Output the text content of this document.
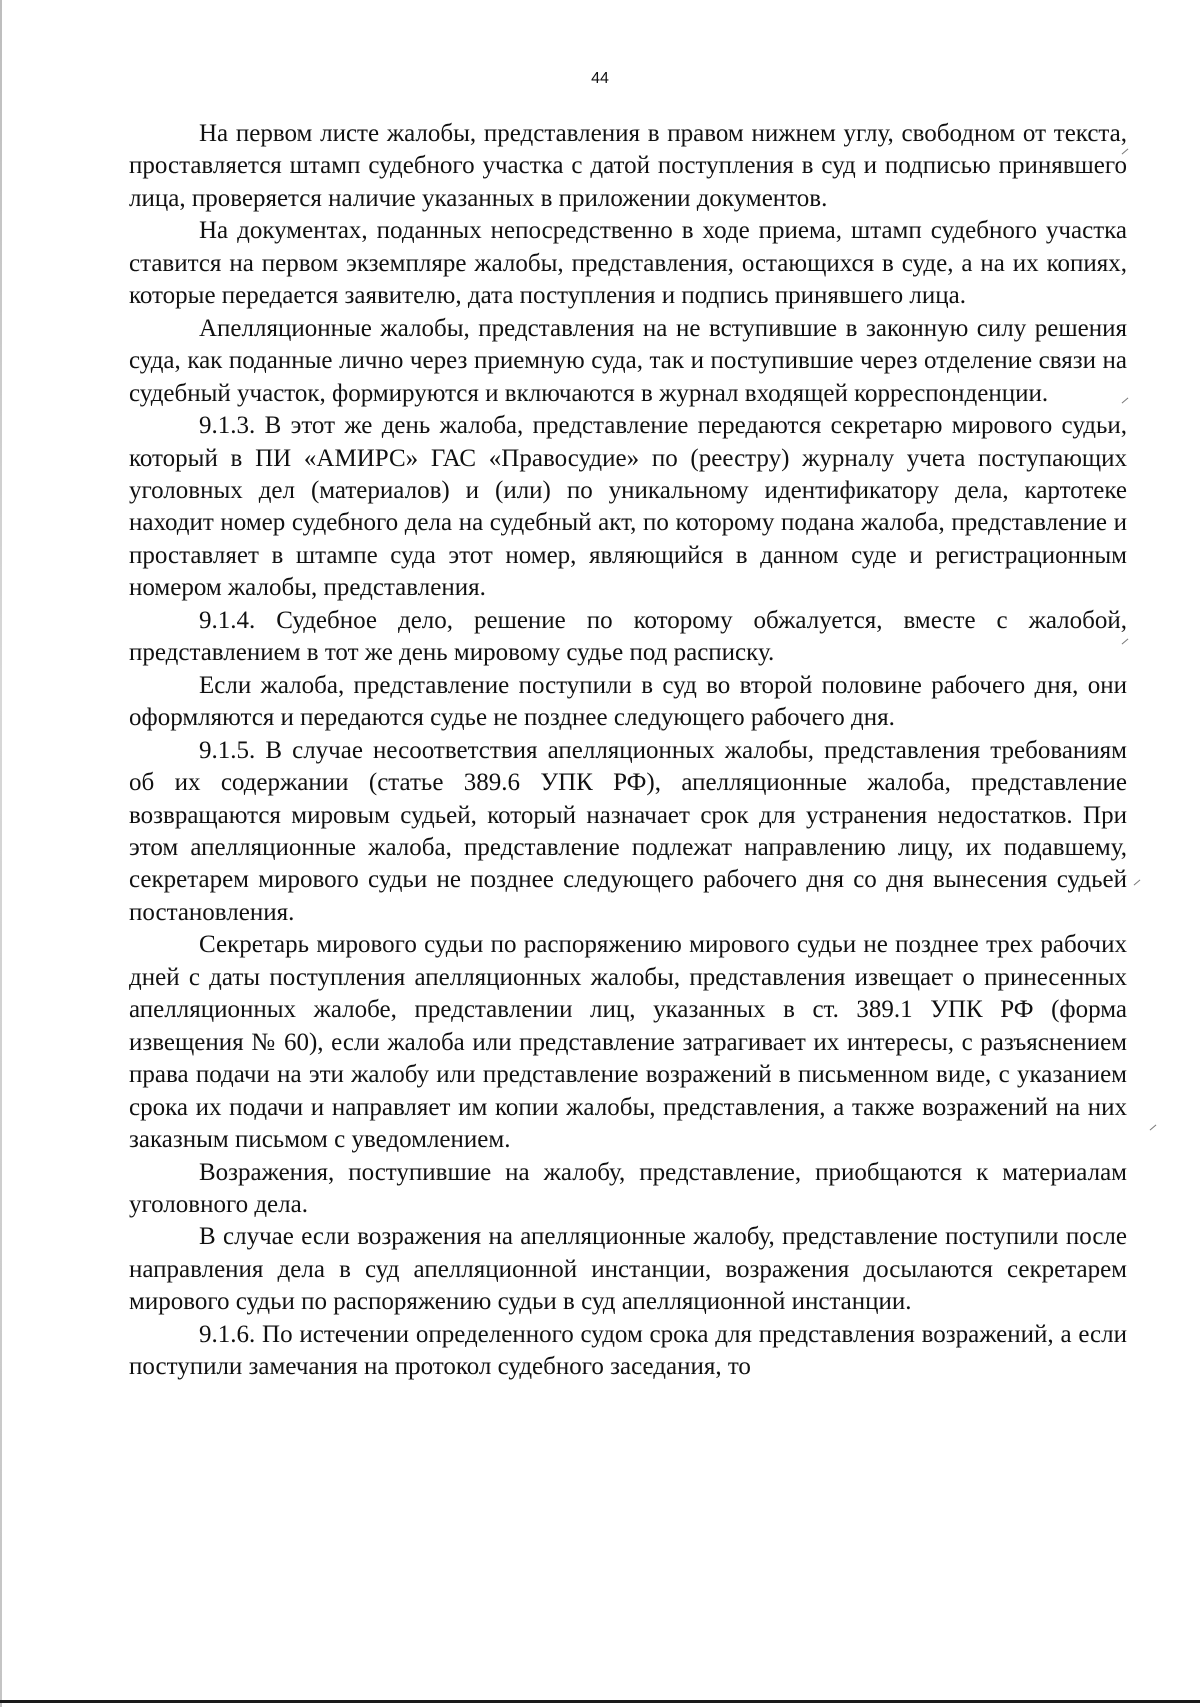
44

На первом листе жалобы, представления в правом нижнем углу, свободном от текста, проставляется штамп судебного участка с датой поступления в суд и подписью принявшего лица, проверяется наличие указанных в приложении документов.

На документах, поданных непосредственно в ходе приема, штамп судебного участка ставится на первом экземпляре жалобы, представления, остающихся в суде, а на их копиях, которые передается заявителю, дата поступления и подпись принявшего лица.

Апелляционные жалобы, представления на не вступившие в законную силу решения суда, как поданные лично через приемную суда, так и поступившие через отделение связи на судебный участок, формируются и включаются в журнал входящей корреспонденции.

9.1.3. В этот же день жалоба, представление передаются секретарю мирового судьи, который в ПИ «АМИРС» ГАС «Правосудие» по (реестру) журналу учета поступающих уголовных дел (материалов) и (или) по уникальному идентификатору дела, картотеке находит номер судебного дела на судебный акт, по которому подана жалоба, представление и проставляет в штампе суда этот номер, являющийся в данном суде и регистрационным номером жалобы, представления.

9.1.4. Судебное дело, решение по которому обжалуется, вместе с жалобой, представлением в тот же день мировому судье под расписку.

Если жалоба, представление поступили в суд во второй половине рабочего дня, они оформляются и передаются судье не позднее следующего рабочего дня.

9.1.5. В случае несоответствия апелляционных жалобы, представления требованиям об их содержании (статье 389.6 УПК РФ), апелляционные жалоба, представление возвращаются мировым судьей, который назначает срок для устранения недостатков. При этом апелляционные жалоба, представление подлежат направлению лицу, их подавшему, секретарем мирового судьи не позднее следующего рабочего дня со дня вынесения судьей постановления.

Секретарь мирового судьи по распоряжению мирового судьи не позднее трех рабочих дней с даты поступления апелляционных жалобы, представления извещает о принесенных апелляционных жалобе, представлении лиц, указанных в ст. 389.1 УПК РФ (форма извещения № 60), если жалоба или представление затрагивает их интересы, с разъяснением права подачи на эти жалобу или представление возражений в письменном виде, с указанием срока их подачи и направляет им копии жалобы, представления, а также возражений на них заказным письмом с уведомлением.

Возражения, поступившие на жалобу, представление, приобщаются к материалам уголовного дела.

В случае если возражения на апелляционные жалобу, представление поступили после направления дела в суд апелляционной инстанции, возражения досылаются секретарем мирового судьи по распоряжению судьи в суд апелляционной инстанции.

9.1.6. По истечении определенного судом срока для представления возражений, а если поступили замечания на протокол судебного заседания, то
